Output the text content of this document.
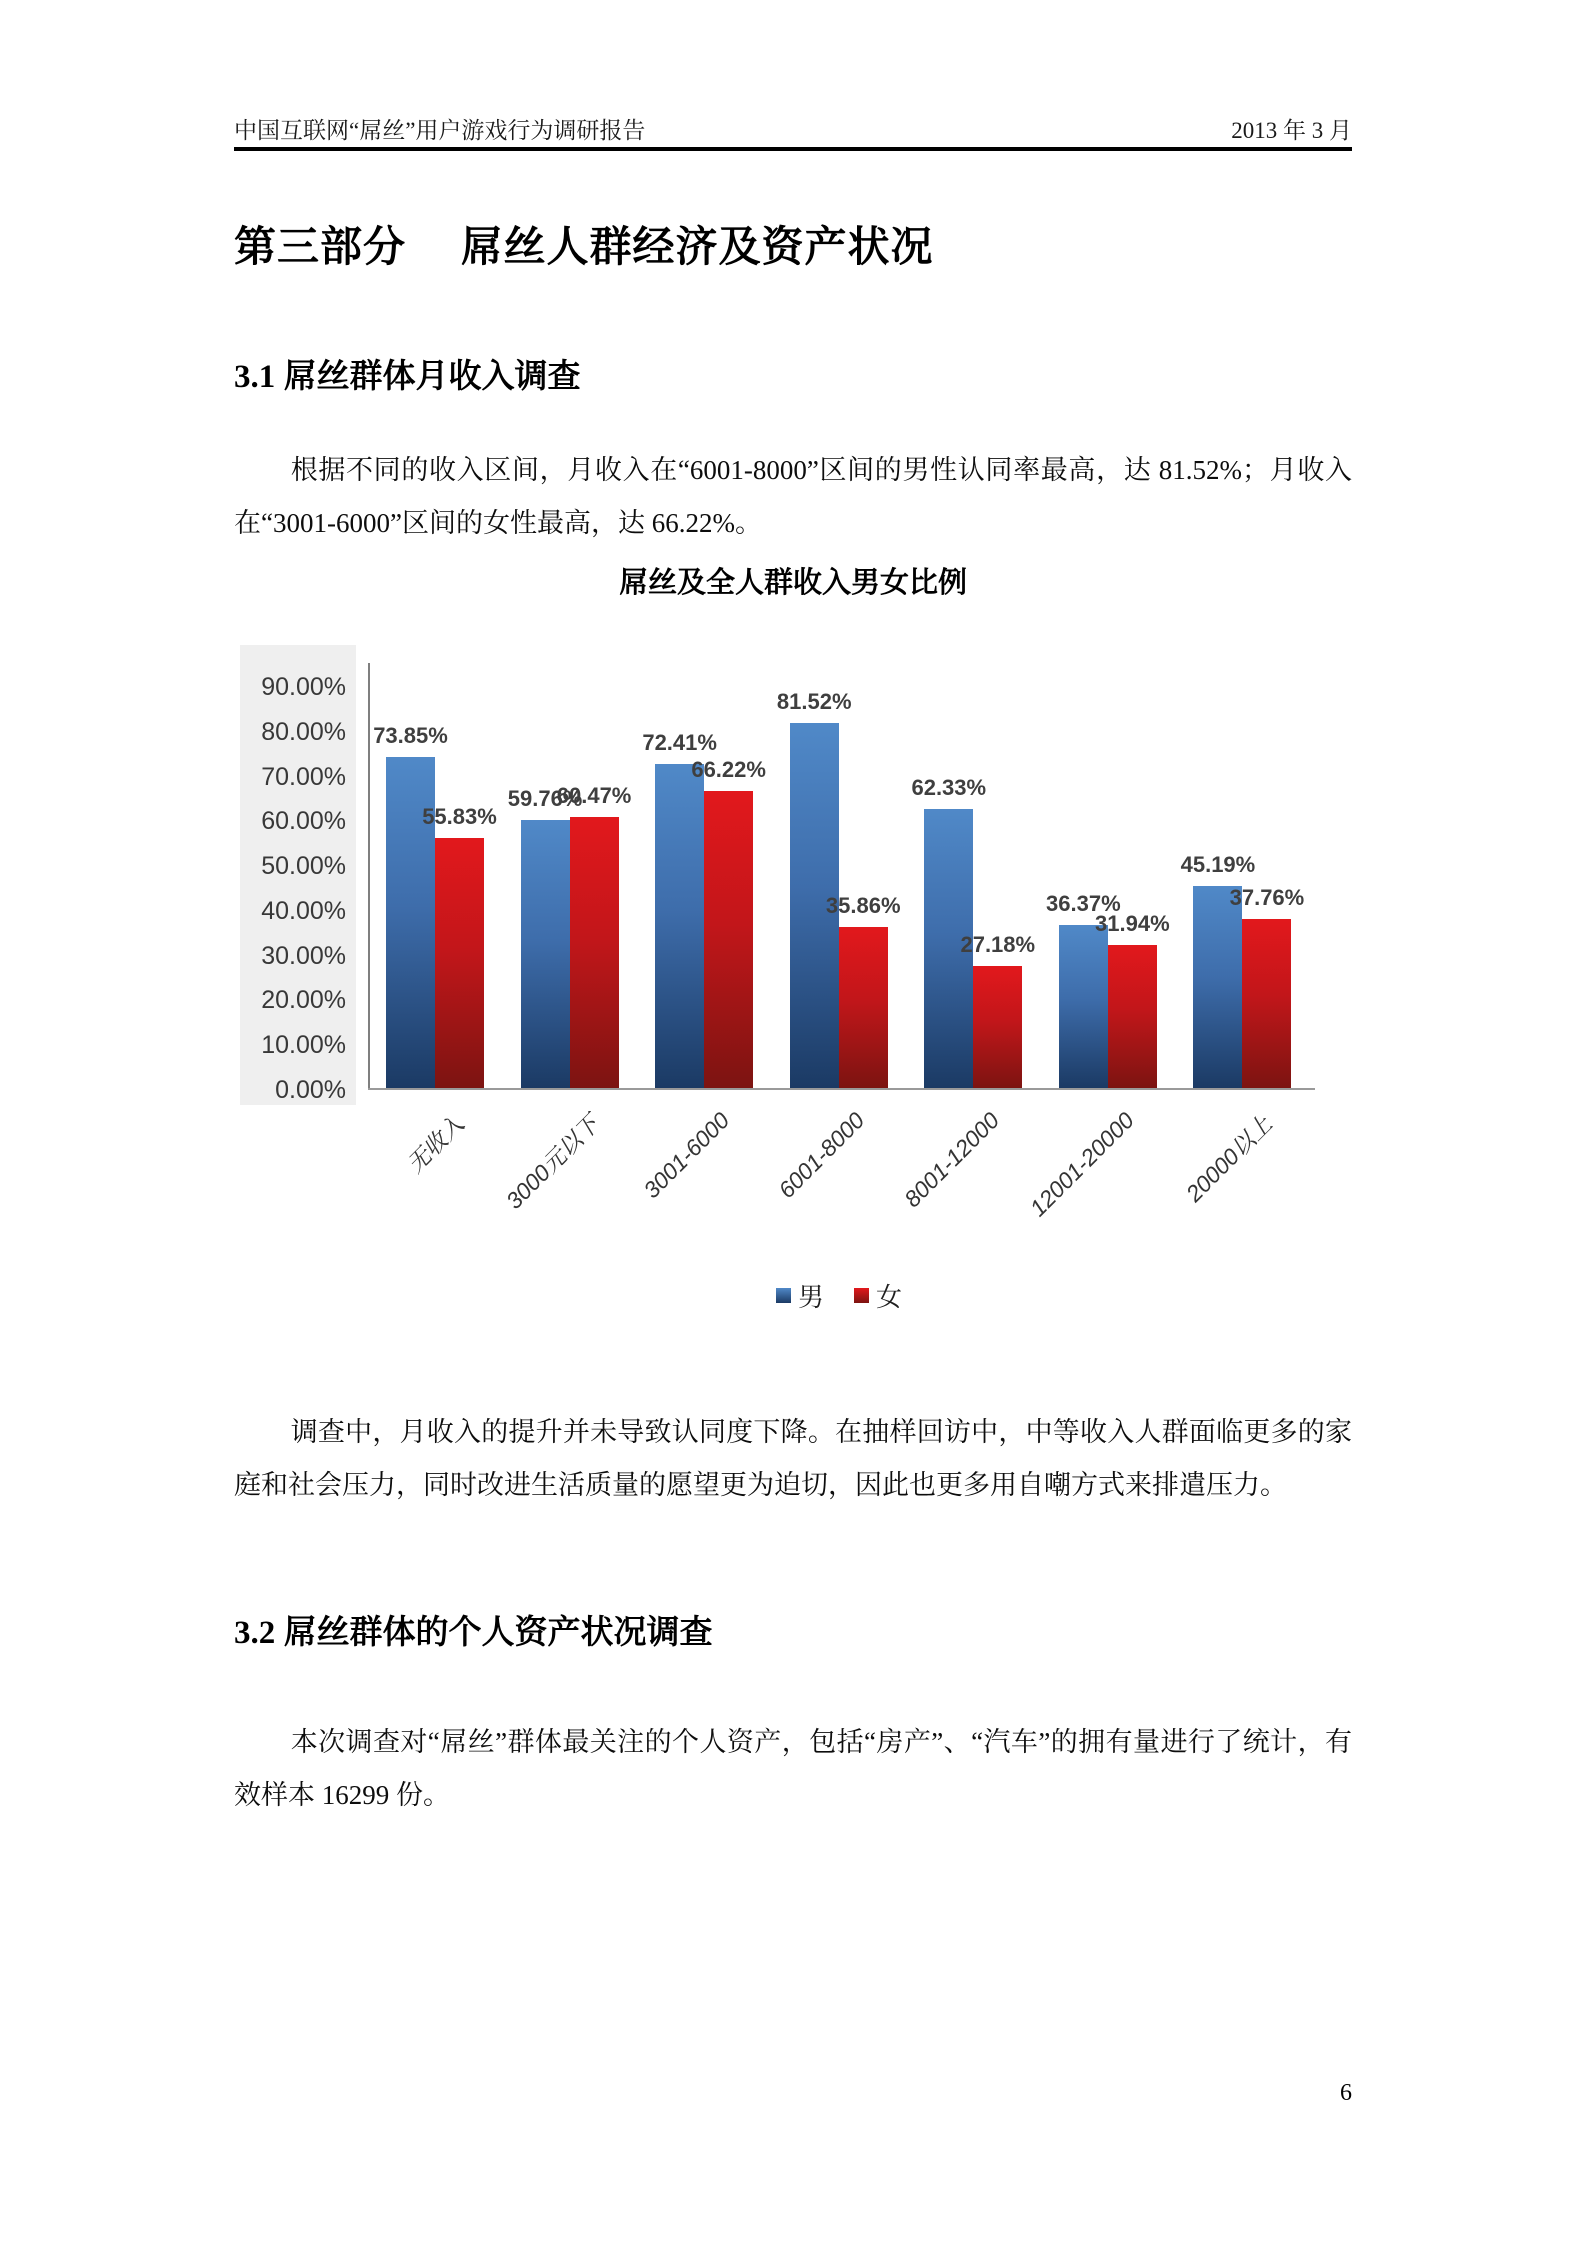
中国互联网“屌丝”用户游戏行为调研报告	2013 年 3 月
第三部分　 屌丝人群经济及资产状况
3.1 屌丝群体月收入调查
根据不同的收入区间，月收入在“6001-8000”区间的男性认同率最高，达 81.52%；月收入在“3001-6000”区间的女性最高，达 66.22%。
屌丝及全人群收入男女比例
90.00%
80.00%
70.00%
60.00%
50.00%
40.00%
30.00%
20.00%
10.00%
0.00%
73.85%
55.83%
59.76%
60.47%
72.41%
66.22%
81.52%
35.86%
62.33%
27.18%
36.37%
31.94%
45.19%
37.76%
无收入 3000元以下 3001-6000 6001-8000 8001-12000 12001-20000 20000以上
男 女
调查中，月收入的提升并未导致认同度下降。在抽样回访中，中等收入人群面临更多的家庭和社会压力，同时改进生活质量的愿望更为迫切，因此也更多用自嘲方式来排遣压力。
3.2 屌丝群体的个人资产状况调查
本次调查对“屌丝”群体最关注的个人资产，包括“房产”、“汽车”的拥有量进行了统计，有效样本 16299 份。
6
